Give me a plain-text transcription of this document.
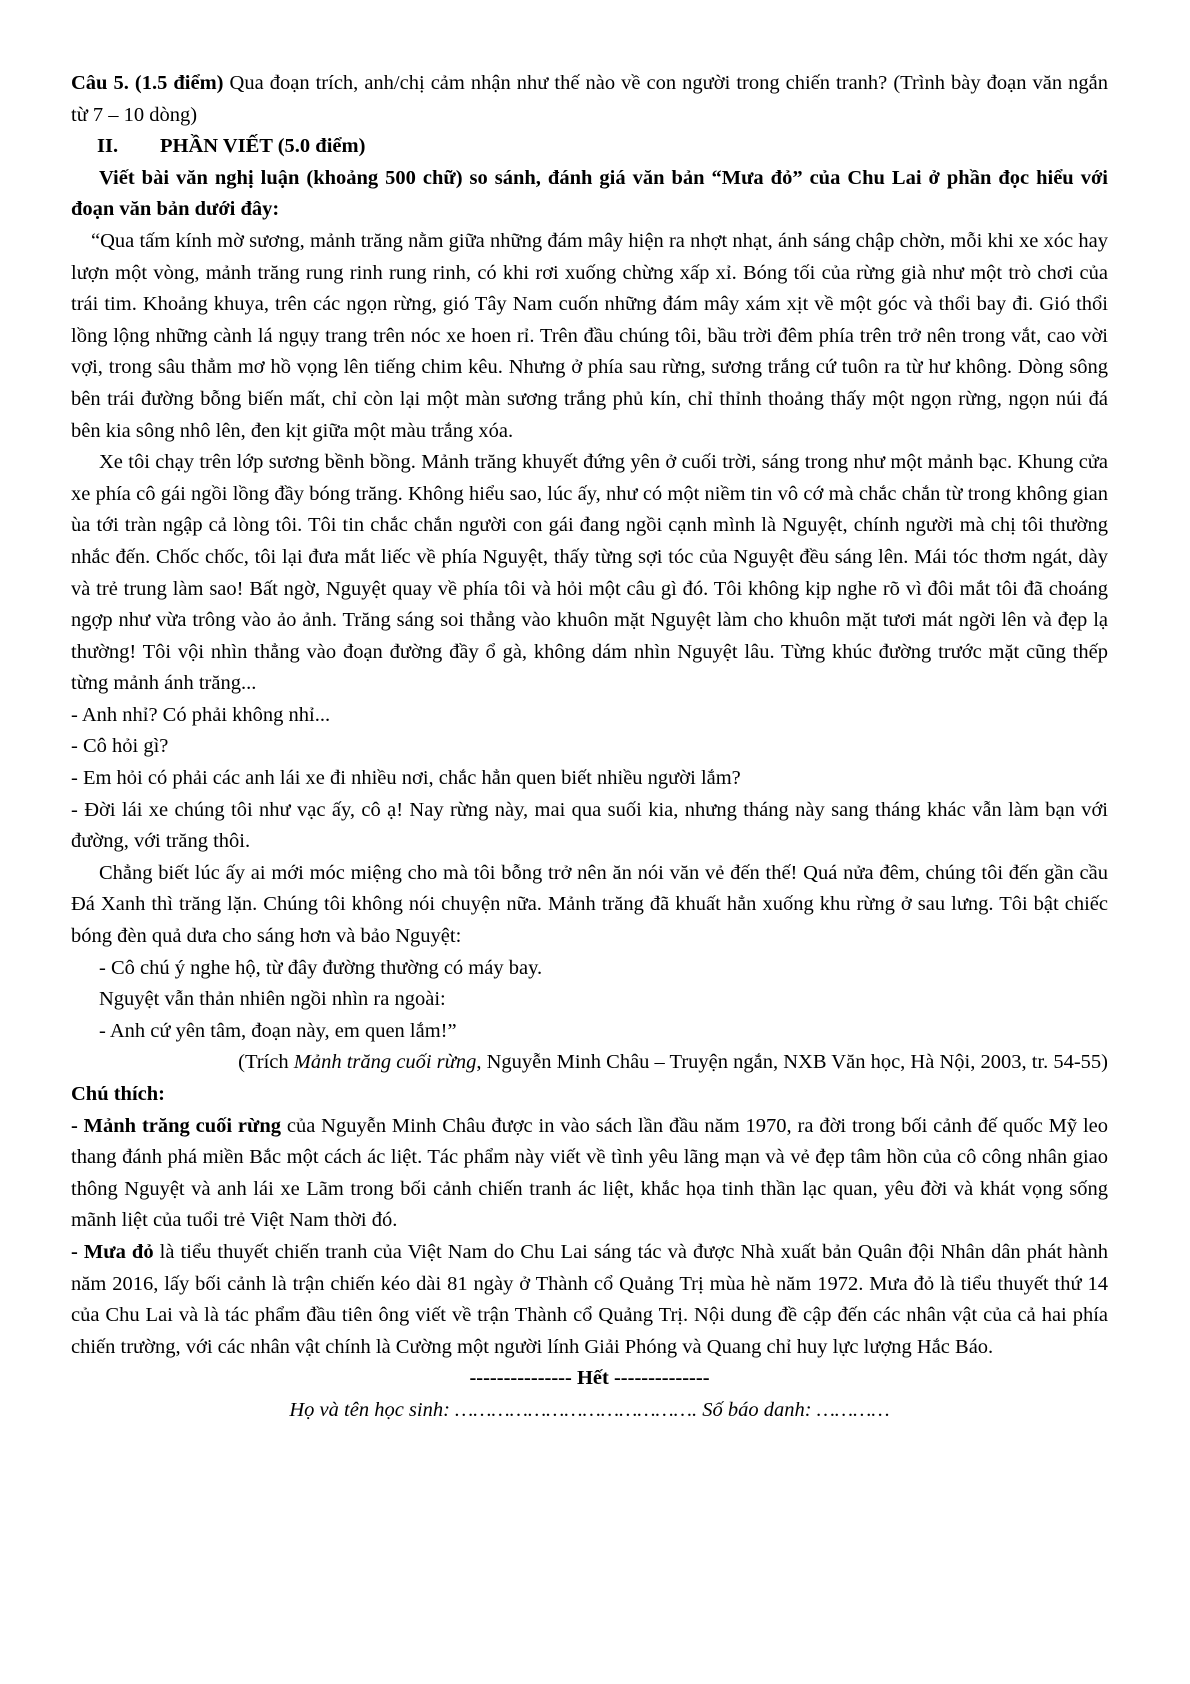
Câu 5. (1.5 điểm) Qua đoạn trích, anh/chị cảm nhận như thế nào về con người trong chiến tranh? (Trình bày đoạn văn ngắn từ 7 – 10 dòng)

II. PHẦN VIẾT (5.0 điểm)

Viết bài văn nghị luận (khoảng 500 chữ) so sánh, đánh giá văn bản “Mưa đỏ” của Chu Lai ở phần đọc hiểu với đoạn văn bản dưới đây:

“Qua tấm kính mờ sương, mảnh trăng nằm giữa những đám mây hiện ra nhợt nhạt, ánh sáng chập chờn, mỗi khi xe xóc hay lượn một vòng, mảnh trăng rung rinh rung rinh, có khi rơi xuống chừng xấp xỉ. Bóng tối của rừng già như một trò chơi của trái tim. Khoảng khuya, trên các ngọn rừng, gió Tây Nam cuốn những đám mây xám xịt về một góc và thổi bay đi. Gió thổi lồng lộng những cành lá ngụy trang trên nóc xe hoen rỉ. Trên đầu chúng tôi, bầu trời đêm phía trên trở nên trong vắt, cao vời vợi, trong sâu thẳm mơ hồ vọng lên tiếng chim kêu. Nhưng ở phía sau rừng, sương trắng cứ tuôn ra từ hư không. Dòng sông bên trái đường bỗng biến mất, chỉ còn lại một màn sương trắng phủ kín, chỉ thỉnh thoảng thấy một ngọn rừng, ngọn núi đá bên kia sông nhô lên, đen kịt giữa một màu trắng xóa.

Xe tôi chạy trên lớp sương bềnh bồng. Mảnh trăng khuyết đứng yên ở cuối trời, sáng trong như một mảnh bạc. Khung cửa xe phía cô gái ngồi lồng đầy bóng trăng. Không hiểu sao, lúc ấy, như có một niềm tin vô cớ mà chắc chắn từ trong không gian ùa tới tràn ngập cả lòng tôi. Tôi tin chắc chắn người con gái đang ngồi cạnh mình là Nguyệt, chính người mà chị tôi thường nhắc đến. Chốc chốc, tôi lại đưa mắt liếc về phía Nguyệt, thấy từng sợi tóc của Nguyệt đều sáng lên. Mái tóc thơm ngát, dày và trẻ trung làm sao! Bất ngờ, Nguyệt quay về phía tôi và hỏi một câu gì đó. Tôi không kịp nghe rõ vì đôi mắt tôi đã choáng ngợp như vừa trông vào ảo ảnh. Trăng sáng soi thẳng vào khuôn mặt Nguyệt làm cho khuôn mặt tươi mát ngời lên và đẹp lạ thường! Tôi vội nhìn thẳng vào đoạn đường đầy ổ gà, không dám nhìn Nguyệt lâu. Từng khúc đường trước mặt cũng thếp từng mảnh ánh trăng...

- Anh nhỉ? Có phải không nhỉ...

- Cô hỏi gì?

- Em hỏi có phải các anh lái xe đi nhiều nơi, chắc hẳn quen biết nhiều người lắm?

- Đời lái xe chúng tôi như vạc ấy, cô ạ! Nay rừng này, mai qua suối kia, nhưng tháng này sang tháng khác vẫn làm bạn với đường, với trăng thôi.

Chẳng biết lúc ấy ai mới móc miệng cho mà tôi bỗng trở nên ăn nói văn vẻ đến thế! Quá nửa đêm, chúng tôi đến gần cầu Đá Xanh thì trăng lặn. Chúng tôi không nói chuyện nữa. Mảnh trăng đã khuất hẳn xuống khu rừng ở sau lưng. Tôi bật chiếc bóng đèn quả dưa cho sáng hơn và bảo Nguyệt:

- Cô chú ý nghe hộ, từ đây đường thường có máy bay.

Nguyệt vẫn thản nhiên ngồi nhìn ra ngoài:

- Anh cứ yên tâm, đoạn này, em quen lắm!”

(Trích Mảnh trăng cuối rừng, Nguyễn Minh Châu – Truyện ngắn, NXB Văn học, Hà Nội, 2003, tr. 54-55)

Chú thích:

- Mảnh trăng cuối rừng của Nguyễn Minh Châu được in vào sách lần đầu năm 1970, ra đời trong bối cảnh đế quốc Mỹ leo thang đánh phá miền Bắc một cách ác liệt. Tác phẩm này viết về tình yêu lãng mạn và vẻ đẹp tâm hồn của cô công nhân giao thông Nguyệt và anh lái xe Lãm trong bối cảnh chiến tranh ác liệt, khắc họa tinh thần lạc quan, yêu đời và khát vọng sống mãnh liệt của tuổi trẻ Việt Nam thời đó.

- Mưa đỏ là tiểu thuyết chiến tranh của Việt Nam do Chu Lai sáng tác và được Nhà xuất bản Quân đội Nhân dân phát hành năm 2016, lấy bối cảnh là trận chiến kéo dài 81 ngày ở Thành cổ Quảng Trị mùa hè năm 1972. Mưa đỏ là tiểu thuyết thứ 14 của Chu Lai và là tác phẩm đầu tiên ông viết về trận Thành cổ Quảng Trị. Nội dung đề cập đến các nhân vật của cả hai phía chiến trường, với các nhân vật chính là Cường một người lính Giải Phóng và Quang chỉ huy lực lượng Hắc Báo.

--------------- Hết --------------

Họ và tên học sinh: …………………………………. Số báo danh: …………
